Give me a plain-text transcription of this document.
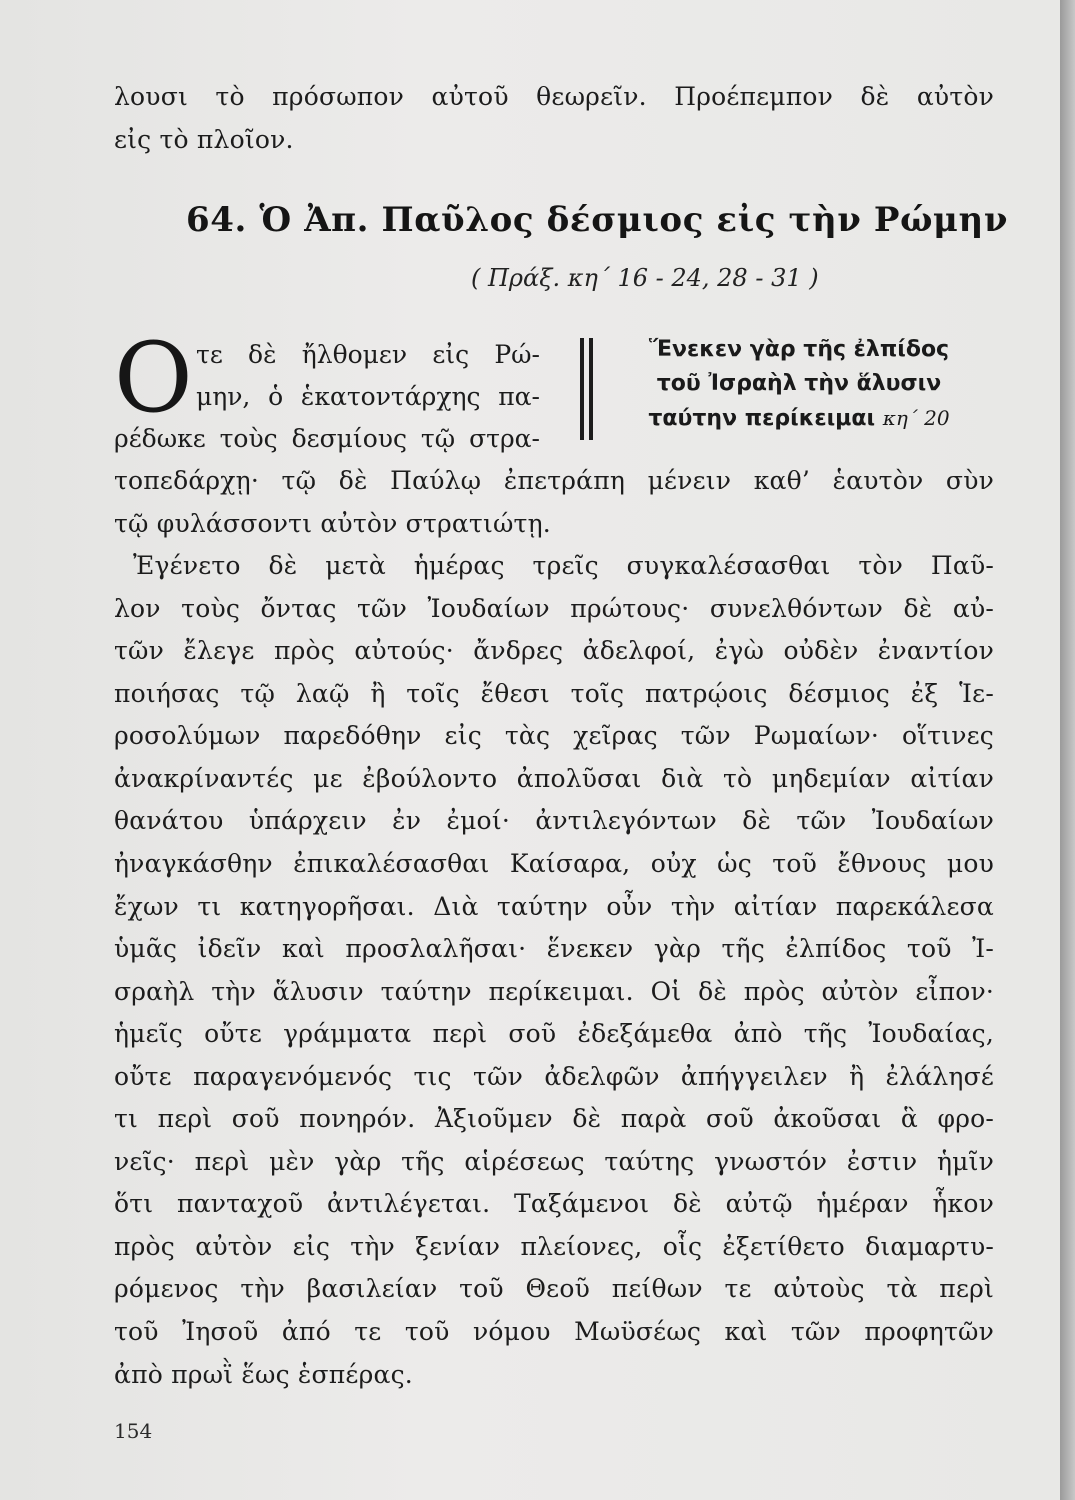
λουσι τὸ πρόσωπον αὐτοῦ θεωρεῖν. Προέπεμπον δὲ αὐτὸν
εἰς τὸ πλοῖον.
64. Ὁ Ἀπ. Παῦλος δέσμιος εἰς τὴν Ρώμην
( Πράξ. κη΄ 16 - 24, 28 - 31 )
Ο τε δὲ ἤλθομεν εἰς Ρώ-
μην, ὁ ἑκατοντάρχης πα-
ρέδωκε τοὺς δεσμίους τῷ στρα-
Ἕνεκεν γὰρ τῆς ἐλπίδος
τοῦ Ἰσραὴλ τὴν ἅλυσιν
ταύτην περίκειμαι κη΄ 20
τοπεδάρχῃ· τῷ δὲ Παύλῳ ἐπετράπη μένειν καθ’ ἑαυτὸν σὺν
τῷ φυλάσσοντι αὐτὸν στρατιώτῃ.
Ἐγένετο δὲ μετὰ ἡμέρας τρεῖς συγκαλέσασθαι τὸν Παῦ-
λον τοὺς ὄντας τῶν Ἰουδαίων πρώτους· συνελθόντων δὲ αὐ-
τῶν ἔλεγε πρὸς αὐτούς· ἄνδρες ἀδελφοί, ἐγὼ οὐδὲν ἐναντίον
ποιήσας τῷ λαῷ ἢ τοῖς ἔθεσι τοῖς πατρῴοις δέσμιος ἐξ Ἱε-
ροσολύμων παρεδόθην εἰς τὰς χεῖρας τῶν Ρωμαίων· οἵτινες
ἀνακρίναντές με ἐβούλοντο ἀπολῦσαι διὰ τὸ μηδεμίαν αἰτίαν
θανάτου ὑπάρχειν ἐν ἐμοί· ἀντιλεγόντων δὲ τῶν Ἰουδαίων
ἠναγκάσθην ἐπικαλέσασθαι Καίσαρα, οὐχ ὡς τοῦ ἔθνους μου
ἔχων τι κατηγορῆσαι. Διὰ ταύτην οὖν τὴν αἰτίαν παρεκάλεσα
ὑμᾶς ἰδεῖν καὶ προσλαλῆσαι· ἕνεκεν γὰρ τῆς ἐλπίδος τοῦ Ἰ-
σραὴλ τὴν ἅλυσιν ταύτην περίκειμαι. Οἱ δὲ πρὸς αὐτὸν εἶπον·
ἡμεῖς οὔτε γράμματα περὶ σοῦ ἐδεξάμεθα ἀπὸ τῆς Ἰουδαίας,
οὔτε παραγενόμενός τις τῶν ἀδελφῶν ἀπήγγειλεν ἢ ἐλάλησέ
τι περὶ σοῦ πονηρόν. Ἀξιοῦμεν δὲ παρὰ σοῦ ἀκοῦσαι ἃ φρο-
νεῖς· περὶ μὲν γὰρ τῆς αἱρέσεως ταύτης γνωστόν ἐστιν ἡμῖν
ὅτι πανταχοῦ ἀντιλέγεται. Ταξάμενοι δὲ αὐτῷ ἡμέραν ἧκον
πρὸς αὐτὸν εἰς τὴν ξενίαν πλείονες, οἷς ἐξετίθετο διαμαρτυ-
ρόμενος τὴν βασιλείαν τοῦ Θεοῦ πείθων τε αὐτοὺς τὰ περὶ
τοῦ Ἰησοῦ ἀπό τε τοῦ νόμου Μωϋσέως καὶ τῶν προφητῶν
ἀπὸ πρωῒ ἕως ἑσπέρας.
154
